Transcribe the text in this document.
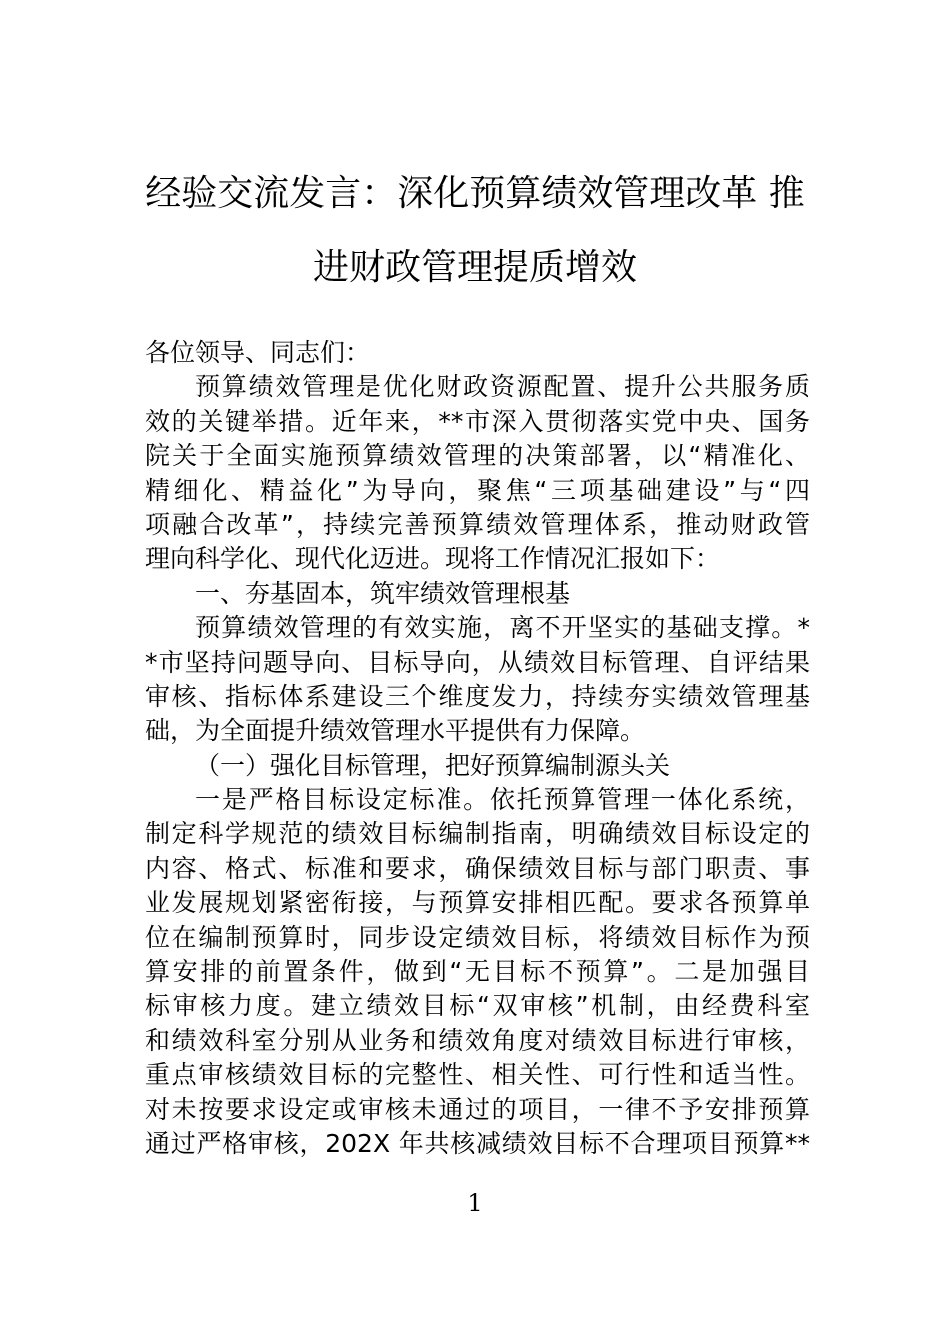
经验交流发言：深化预算绩效管理改革 推
进财政管理提质增效
各位领导、同志们：
预算绩效管理是优化财政资源配置、提升公共服务质
效的关键举措。近年来，**市深入贯彻落实党中央、国务
院关于全面实施预算绩效管理的决策部署，以“精准化、
精细化、精益化”为导向，聚焦“三项基础建设”与“四
项融合改革”，持续完善预算绩效管理体系，推动财政管
理向科学化、现代化迈进。现将工作情况汇报如下：
一、夯基固本，筑牢绩效管理根基
预算绩效管理的有效实施，离不开坚实的基础支撑。*
*市坚持问题导向、目标导向，从绩效目标管理、自评结果
审核、指标体系建设三个维度发力，持续夯实绩效管理基
础，为全面提升绩效管理水平提供有力保障。
（一）强化目标管理，把好预算编制源头关
一是严格目标设定标准。依托预算管理一体化系统，
制定科学规范的绩效目标编制指南，明确绩效目标设定的
内容、格式、标准和要求，确保绩效目标与部门职责、事
业发展规划紧密衔接，与预算安排相匹配。要求各预算单
位在编制预算时，同步设定绩效目标，将绩效目标作为预
算安排的前置条件，做到“无目标不预算”。二是加强目
标审核力度。建立绩效目标“双审核”机制，由经费科室
和绩效科室分别从业务和绩效角度对绩效目标进行审核，
重点审核绩效目标的完整性、相关性、可行性和适当性。
对未按要求设定或审核未通过的项目，一律不予安排预算
通过严格审核，202X 年共核减绩效目标不合理项目预算**
1
